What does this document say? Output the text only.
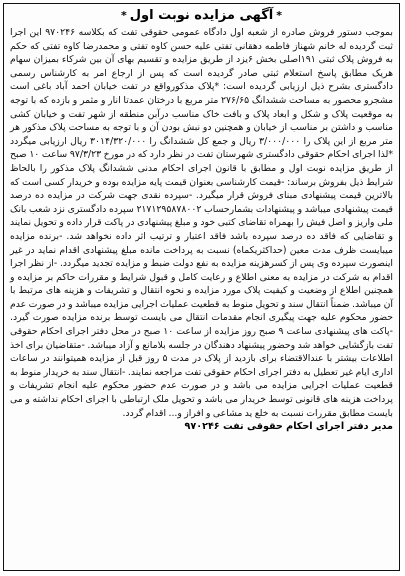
*آگهی مزایده نوبت اول*

بموجب دستور فروش صادره از شعبه اول دادگاه عمومی حقوقی تفت که بکلاسه ۹۷۰۲۴۶ این اجرا ثبت گردیده له خانم شهناز فاطمه دهقانی تفتی علیه حسن کاوه تفتی و محمدرضا کاوه تفتی که حکم به فروش پلاک ثبتی ۱۹۱اصلی بخش ۶یزد از طریق مزایده و تقسیم بهای آن بین شرکاء بمیزان سهام هریک مطابق پاسخ استعلام ثبتی صادر گردیده است که پس از ارجاع امر به کارشناس رسمی دادگستری بشرح ذیل ارزیابی گردیده است: *پلاک مذکورواقع در تفت خیابان احمد آباد باغی است مشجرو محصور به مساحت ششدانگ ۲۷۶/۶۵ متر مربع با درختان عمدتا انار و مثمر و بازده که با توجه به موقعیت پلاک و شکل و ابعاد پلاک و بافت خاک مناسب درآبن منطقه از شهر تفت و خیابان کشی مناسب و داشتن بر مناسب از خیابان و همچنین دو نبش بودن آن و با توجه به مساحت پلاک مذکور هر متر مربع از این پلاک را ۳/۰۰۰/۰۰۰ ریال و جمع کل ششدانگ را ۳۰۱۴/۳۲۰/۰۰۰ ریال ارزیابی میگردد *لذا اجرای احکام حقوقی دادگستری شهرستان تفت در نظر دارد که در مورخ ۹۷/۳/۲۳ ساعت ۱۰ صبح از طریق مزایده نوبت اول و مطابق با قانون اجرای احکام مدنی ششدانگ پلاک مذکور را بالحاظ شرایط ذیل بفروش برساند: -قیمت کارشناسی بعنوان قیمت پایه مزایده بوده و خریدار کسی است که بالاترین قیمت پیشنهادی مبنای فروش قرار میگیرد. -سپرده نقدی جهت شرکت در مزایده ده درصد قیمت پیشنهادی میباشد و پیشنهادات بشمارحساب ۲۱۷۱۲۹۵۸۷۸۰۰۲ سپرده دادگستری نزد شعب بانک ملی واریز و اصل فیش را بهمراه تقاضای کتبی خود و مبلغ پیشنهادی در پاکت قرار داده و تحویل نمایند و تقاضایی که فاقد ده درصد سپرده باشد فاقد اعتبار و ترتیب اثر داده نخواهد شد. -برنده مزایده میبایست ظرف مدت معین (حداکثریکماه) نسبت به پرداخت مانده مبلغ پیشنهادی اقدام نماید در غیر اینصورت سپرده وی پس از کسرهزینه مزایده به نفع دولت ضبط و مزایده تجدید میگردد. -از نظر اجرا اقدام به شرکت در مزایده به معنی اطلاع و رعایت کامل و قبول شرایط و مقررات حاکم بر مزایده و همچنین اطلاع از وضعیت و کیفیت پلاک مورد مزایده و نحوه انتقال و تشریفات و هزینه های مرتبط با آن میباشد. ضمناً انتقال سند و تحویل منوط به قطعیت عملیات اجرایی مزایده میباشد و در صورت عدم حضور محکوم علیه جهت پیگیری انجام مقدمات انتقال می بایست توسط برنده مزایده صورت گیرد. -پاکت های پیشنهادی ساعت ۹ صبح روز مزایده از ساعت ۱۰ صبح در محل دفتر اجرای احکام حقوقی تفت بازگشایی خواهد شد وحضور پیشنهاد دهندگان در جلسه بلامانع و آزاد میباشد. -متقاضیان برای اخذ اطلاعات بیشتر با عندالاقتضاء برای بازدید از پلاک در مدت ۵ روز قبل از مزایده همیتوانند در ساعات اداری ایام غیر تعطیل به دفتر اجرای احکام حقوقی تفت مراجعه نمایند. -انتقال سند به خریدار منوط به قطعیت عملیات اجرایی مزایده می باشد و در صورت عدم حضور محکوم علیه انجام تشریفات و پرداخت هزینه های قانونی توسط خریدار می باشد و تحویل ملک ارتباطی با اجرای احکام نداشته و می بایست مطابق مقررات نسبت به خلع ید مشاعی و افراز و... اقدام گردد.

مدیر دفتر اجرای احکام حقوقی تفت ۹۷۰۲۴۶
